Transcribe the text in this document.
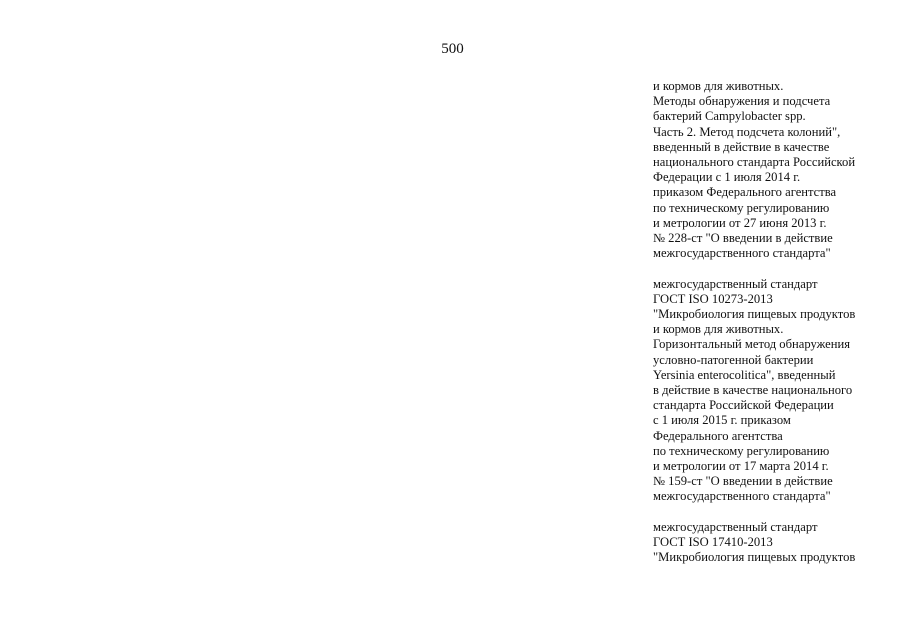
500
и кормов для животных.
Методы обнаружения и подсчета
бактерий Campylobacter spp.
Часть 2. Метод подсчета колоний",
введенный в действие в качестве
национального стандарта Российской
Федерации с 1 июля 2014 г.
приказом Федерального агентства
по техническому регулированию
и метрологии от 27 июня 2013 г.
№ 228-ст "О введении в действие
межгосударственного стандарта"
межгосударственный стандарт
ГОСТ ISO 10273-2013
"Микробиология пищевых продуктов
и кормов для животных.
Горизонтальный метод обнаружения
условно-патогенной бактерии
Yersinia enterocolitica", введенный
в действие в качестве национального
стандарта Российской Федерации
с 1 июля 2015 г. приказом
Федерального агентства
по техническому регулированию
и метрологии от 17 марта 2014 г.
№ 159-ст "О введении в действие
межгосударственного стандарта"
межгосударственный стандарт
ГОСТ ISO 17410-2013
"Микробиология пищевых продуктов
